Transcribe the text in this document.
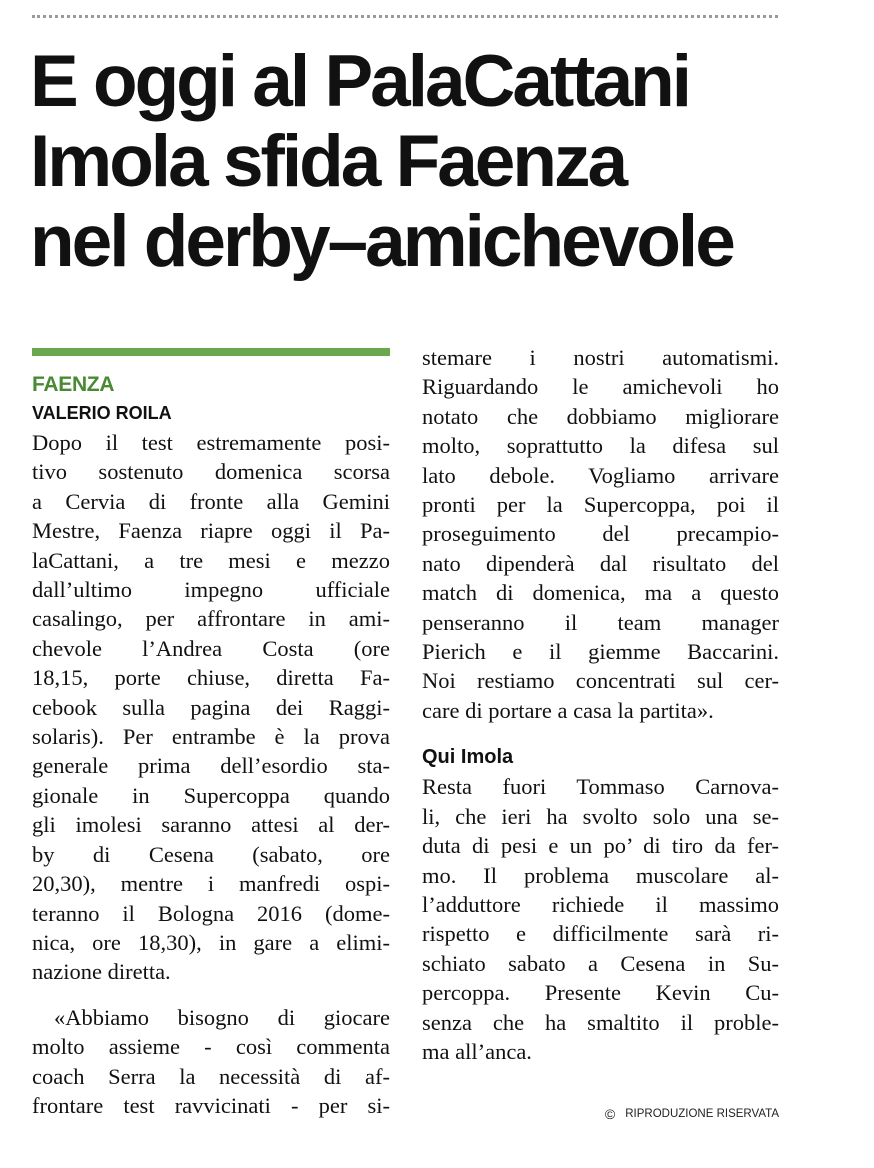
E oggi al PalaCattani
Imola sfida Faenza
nel derby–amichevole
FAENZA
VALERIO ROILA
Dopo il test estremamente posi-
tivo sostenuto domenica scorsa
a Cervia di fronte alla Gemini
Mestre, Faenza riapre oggi il Pa-
laCattani, a tre mesi e mezzo
dall’ultimo impegno ufficiale
casalingo, per affrontare in ami-
chevole l’Andrea Costa (ore
18,15, porte chiuse, diretta Fa-
cebook sulla pagina dei Raggi-
solaris). Per entrambe è la prova
generale prima dell’esordio sta-
gionale in Supercoppa quando
gli imolesi saranno attesi al der-
by di Cesena (sabato, ore
20,30), mentre i manfredi ospi-
teranno il Bologna 2016 (dome-
nica, ore 18,30), in gare a elimi-
nazione diretta.
«Abbiamo bisogno di giocare
molto assieme - così commenta
coach Serra la necessità di af-
frontare test ravvicinati - per si-
stemare i nostri automatismi.
Riguardando le amichevoli ho
notato che dobbiamo migliorare
molto, soprattutto la difesa sul
lato debole. Vogliamo arrivare
pronti per la Supercoppa, poi il
proseguimento del precampio-
nato dipenderà dal risultato del
match di domenica, ma a questo
penseranno il team manager
Pierich e il giemme Baccarini.
Noi restiamo concentrati sul cer-
care di portare a casa la partita».
Qui Imola
Resta fuori Tommaso Carnova-
li, che ieri ha svolto solo una se-
duta di pesi e un po’ di tiro da fer-
mo. Il problema muscolare al-
l’adduttore richiede il massimo
rispetto e difficilmente sarà ri-
schiato sabato a Cesena in Su-
percoppa. Presente Kevin Cu-
senza che ha smaltito il proble-
ma all’anca.
© RIPRODUZIONE RISERVATA
